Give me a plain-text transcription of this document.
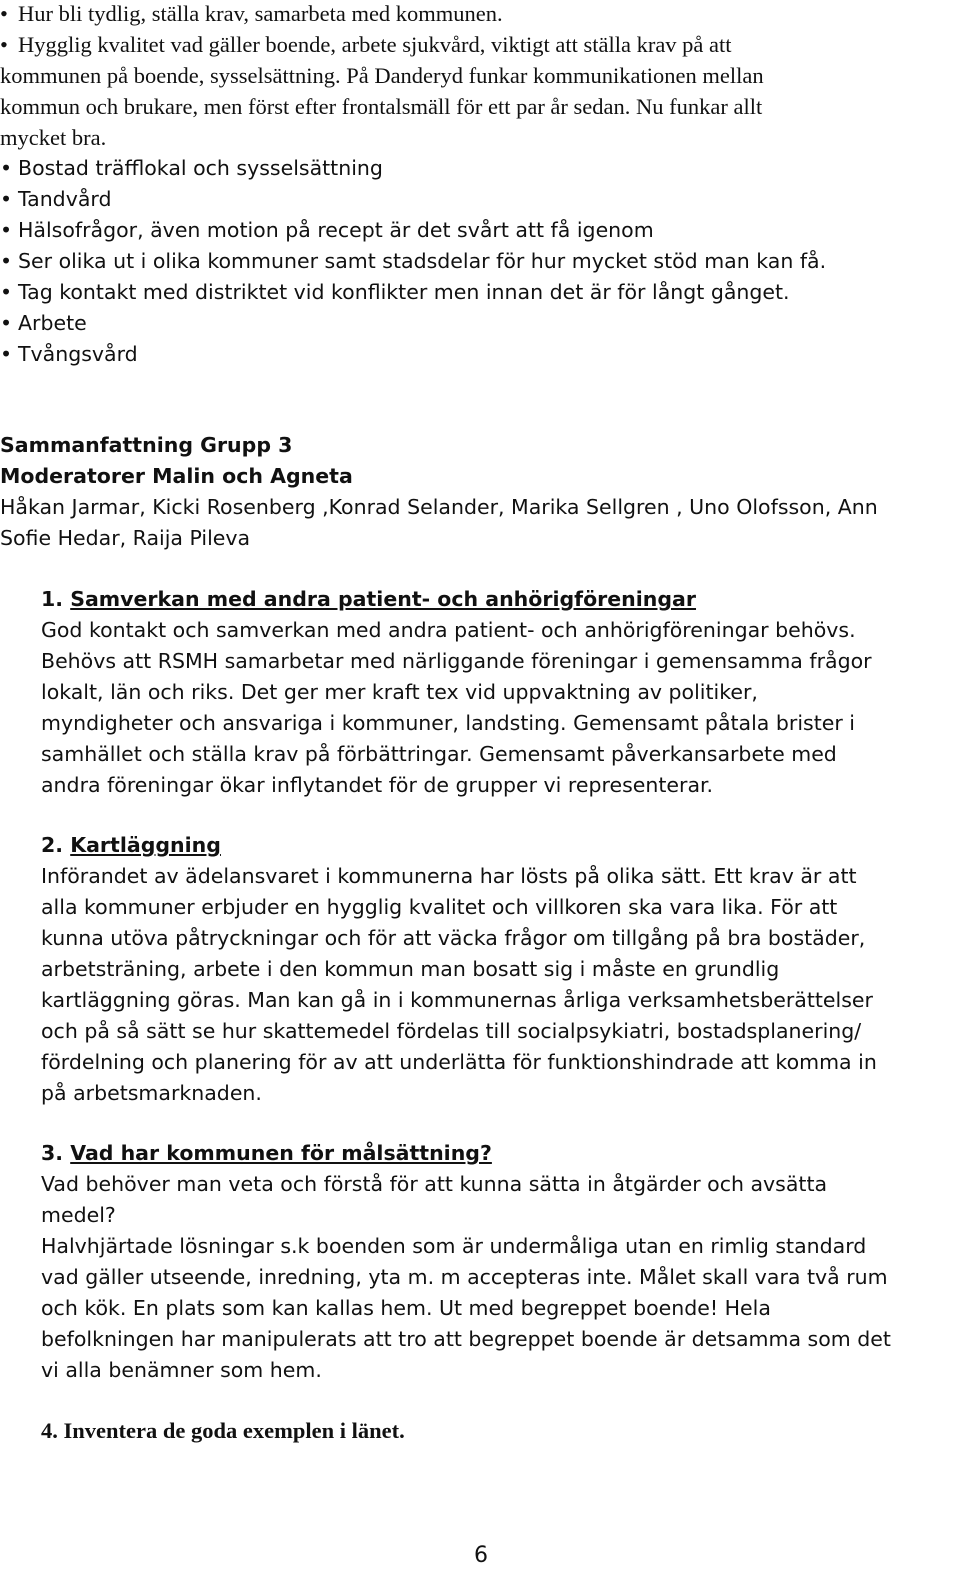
• Hur bli tydlig, ställa krav, samarbeta med kommunen.
• Hygglig kvalitet vad gäller boende, arbete sjukvård, viktigt att ställa krav på att
kommunen på boende, sysselsättning. På Danderyd funkar kommunikationen mellan
kommun och brukare, men först efter frontalsmäll för ett par år sedan. Nu funkar allt
mycket bra.
• Bostad träfflokal och sysselsättning
• Tandvård
• Hälsofrågor, även motion på recept är det svårt att få igenom
• Ser olika ut i olika kommuner samt stadsdelar för hur mycket stöd man kan få.
• Tag kontakt med distriktet vid konflikter men innan det är för långt gånget.
• Arbete
• Tvångsvård
Sammanfattning Grupp 3
Moderatorer Malin och Agneta
Håkan Jarmar, Kicki Rosenberg ,Konrad Selander, Marika Sellgren , Uno Olofsson, Ann
Sofie Hedar, Raija Pileva
1. Samverkan med andra patient- och anhörigföreningar
God kontakt och samverkan med andra patient- och anhörigföreningar behövs.
Behövs att RSMH samarbetar med närliggande föreningar i gemensamma frågor
lokalt, län och riks. Det ger mer kraft tex vid uppvaktning av politiker,
myndigheter och ansvariga i kommuner, landsting. Gemensamt påtala brister i
samhället och ställa krav på förbättringar. Gemensamt påverkansarbete med
andra föreningar ökar inflytandet för de grupper vi representerar.
2. Kartläggning
Införandet av ädelansvaret i kommunerna har lösts på olika sätt. Ett krav är att
alla kommuner erbjuder en hygglig kvalitet och villkoren ska vara lika. För att
kunna utöva påtryckningar och för att väcka frågor om tillgång på bra bostäder,
arbetsträning, arbete i den kommun man bosatt sig i måste en grundlig
kartläggning göras. Man kan gå in i kommunernas årliga verksamhetsberättelser
och på så sätt se hur skattemedel fördelas till socialpsykiatri, bostadsplanering/
fördelning och planering för av att underlätta för funktionshindrade att komma in
på arbetsmarknaden.
3. Vad har kommunen för målsättning?
Vad behöver man veta och förstå för att kunna sätta in åtgärder och avsätta
medel?
Halvhjärtade lösningar s.k boenden som är undermåliga utan en rimlig standard
vad gäller utseende, inredning, yta m. m accepteras inte. Målet skall vara två rum
och kök. En plats som kan kallas hem. Ut med begreppet boende! Hela
befolkningen har manipulerats att tro att begreppet boende är detsamma som det
vi alla benämner som hem.
4. Inventera de goda exemplen i länet.
6
